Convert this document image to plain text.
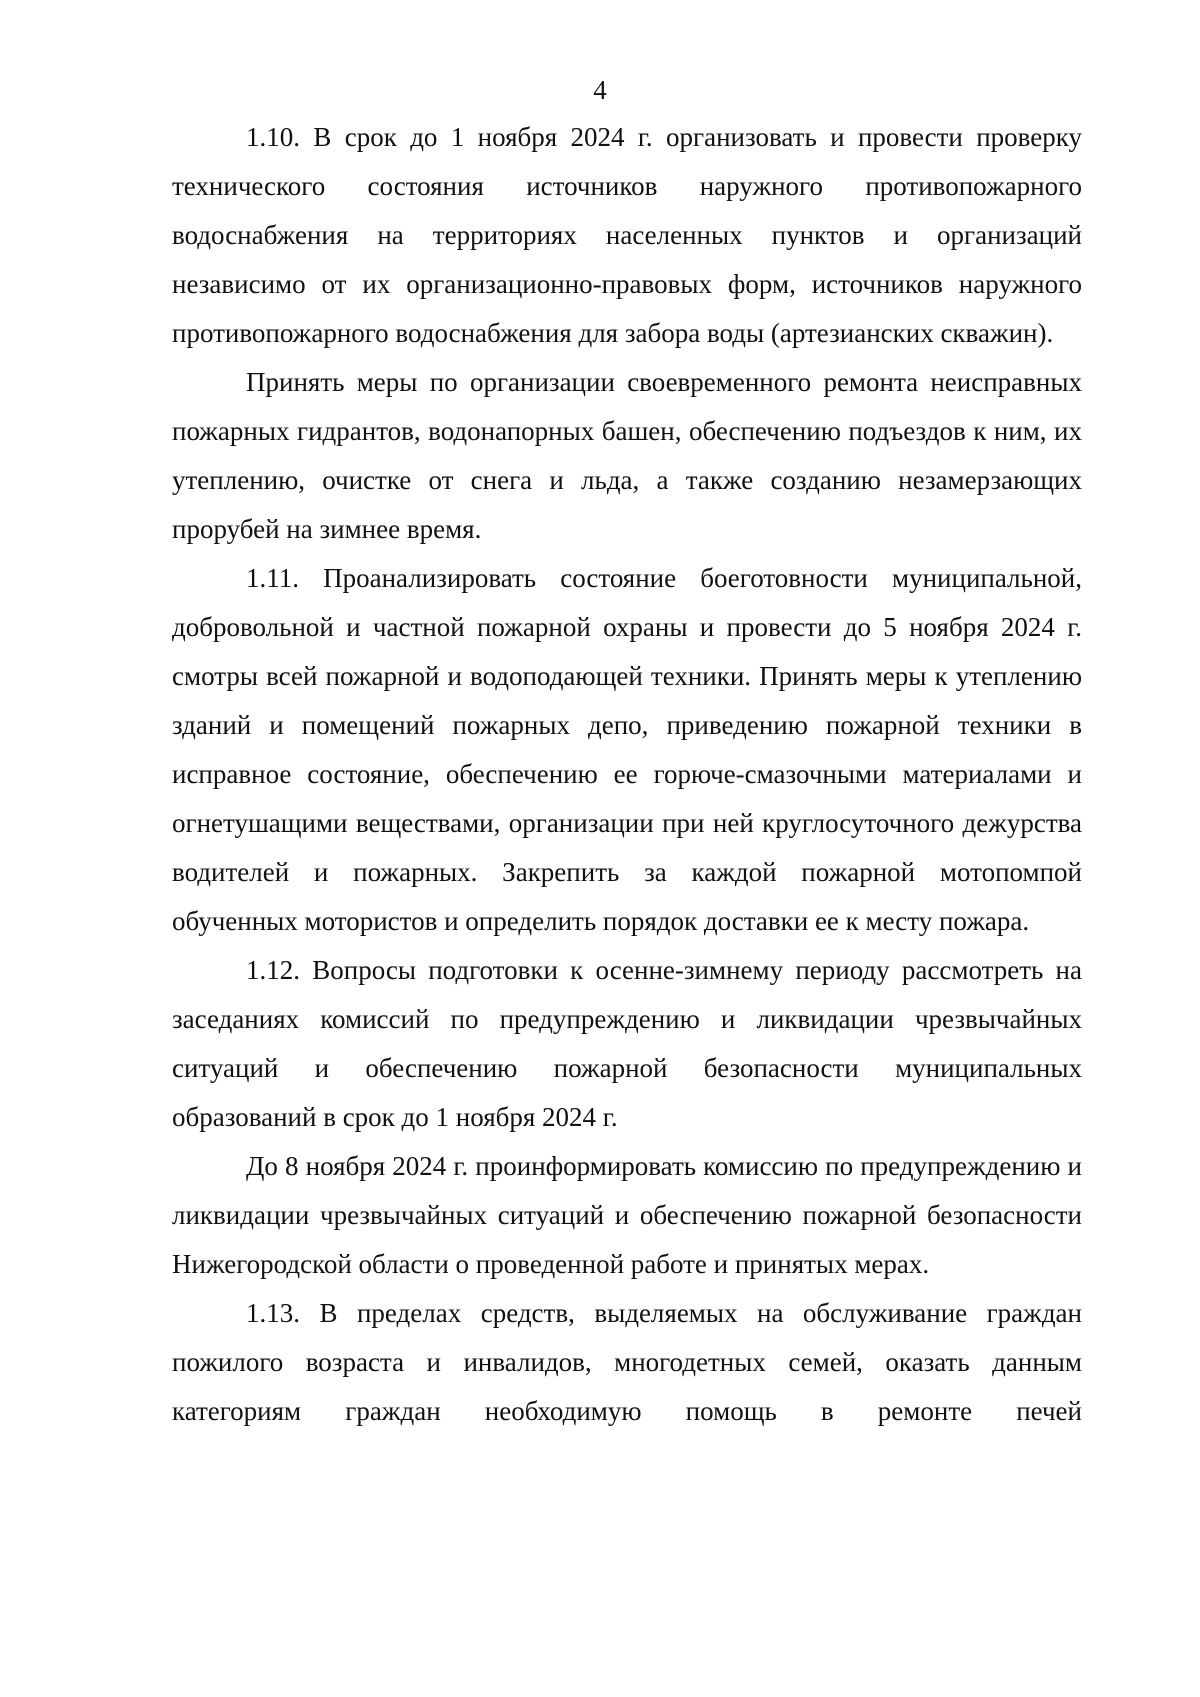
4

1.10. В срок до 1 ноября 2024 г. организовать и провести проверку технического состояния источников наружного противопожарного водоснабжения на территориях населенных пунктов и организаций независимо от их организационно-правовых форм, источников наружного противопожарного водоснабжения для забора воды (артезианских скважин).

Принять меры по организации своевременного ремонта неисправных пожарных гидрантов, водонапорных башен, обеспечению подъездов к ним, их утеплению, очистке от снега и льда, а также созданию незамерзающих прорубей на зимнее время.

1.11. Проанализировать состояние боеготовности муниципальной, добровольной и частной пожарной охраны и провести до 5 ноября 2024 г. смотры всей пожарной и водоподающей техники. Принять меры к утеплению зданий и помещений пожарных депо, приведению пожарной техники в исправное состояние, обеспечению ее горюче-смазочными материалами и огнетушащими веществами, организации при ней круглосуточного дежурства водителей и пожарных. Закрепить за каждой пожарной мотопомпой обученных мотористов и определить порядок доставки ее к месту пожара.

1.12. Вопросы подготовки к осенне-зимнему периоду рассмотреть на заседаниях комиссий по предупреждению и ликвидации чрезвычайных ситуаций и обеспечению пожарной безопасности муниципальных образований в срок до 1 ноября 2024 г.

До 8 ноября 2024 г. проинформировать комиссию по предупреждению и ликвидации чрезвычайных ситуаций и обеспечению пожарной безопасности Нижегородской области о проведенной работе и принятых мерах.

1.13. В пределах средств, выделяемых на обслуживание граждан пожилого возраста и инвалидов, многодетных семей, оказать данным категориям граждан необходимую помощь в ремонте печей
